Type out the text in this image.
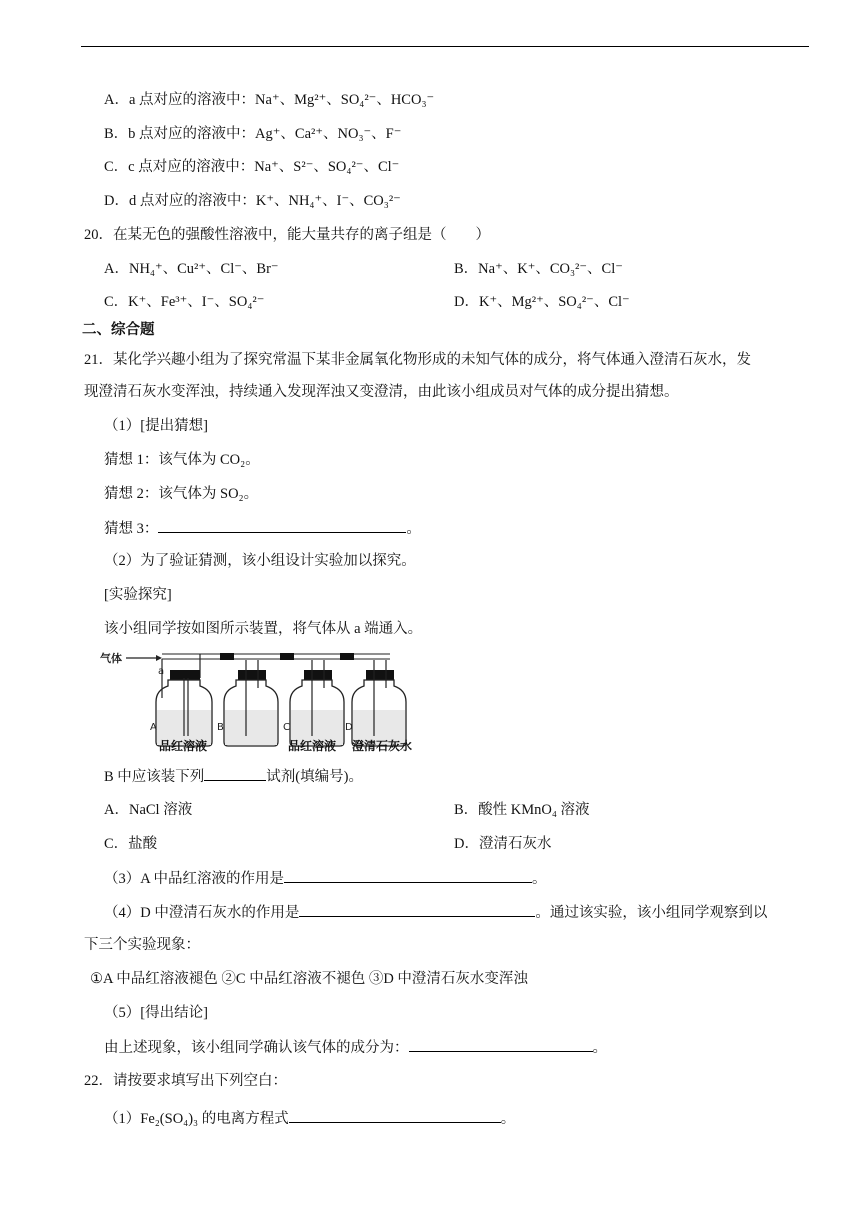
A．a 点对应的溶液中：Na⁺、Mg²⁺、SO₄²⁻、HCO₃⁻
B．b 点对应的溶液中：Ag⁺、Ca²⁺、NO₃⁻、F⁻
C．c 点对应的溶液中：Na⁺、S²⁻、SO₄²⁻、Cl⁻
D．d 点对应的溶液中：K⁺、NH₄⁺、I⁻、CO₃²⁻
20．在某无色的强酸性溶液中，能大量共存的离子组是（　　）
A．NH₄⁺、Cu²⁺、Cl⁻、Br⁻	B．Na⁺、K⁺、CO₃²⁻、Cl⁻
C．K⁺、Fe³⁺、I⁻、SO₄²⁻	D．K⁺、Mg²⁺、SO₄²⁻、Cl⁻
二、综合题
21．某化学兴趣小组为了探究常温下某非金属氧化物形成的未知气体的成分，将气体通入澄清石灰水，发
现澄清石灰水变浑浊，持续通入发现浑浊又变澄清，由此该小组成员对气体的成分提出猜想。
（1）[提出猜想]
猜想 1：该气体为 CO₂。
猜想 2：该气体为 SO₂。
猜想 3：	。
（2）为了验证猜测，该小组设计实验加以探究。
[实验探究]
该小组同学按如图所示装置，将气体从 a 端通入。
气体
a
A	B	C	D
品红溶液	品红溶液 澄清石灰水
B 中应该装下列	试剂(填编号)。
A．NaCl 溶液	B．酸性 KMnO₄ 溶液
C．盐酸	D．澄清石灰水
（3）A 中品红溶液的作用是	。
（4）D 中澄清石灰水的作用是	。通过该实验，该小组同学观察到以
下三个实验现象：
①A 中品红溶液褪色 ②C 中品红溶液不褪色 ③D 中澄清石灰水变浑浊
（5）[得出结论]
由上述现象，该小组同学确认该气体的成分为：	。
22．请按要求填写出下列空白：
（1）Fe₂(SO₄)₃ 的电离方程式	。
